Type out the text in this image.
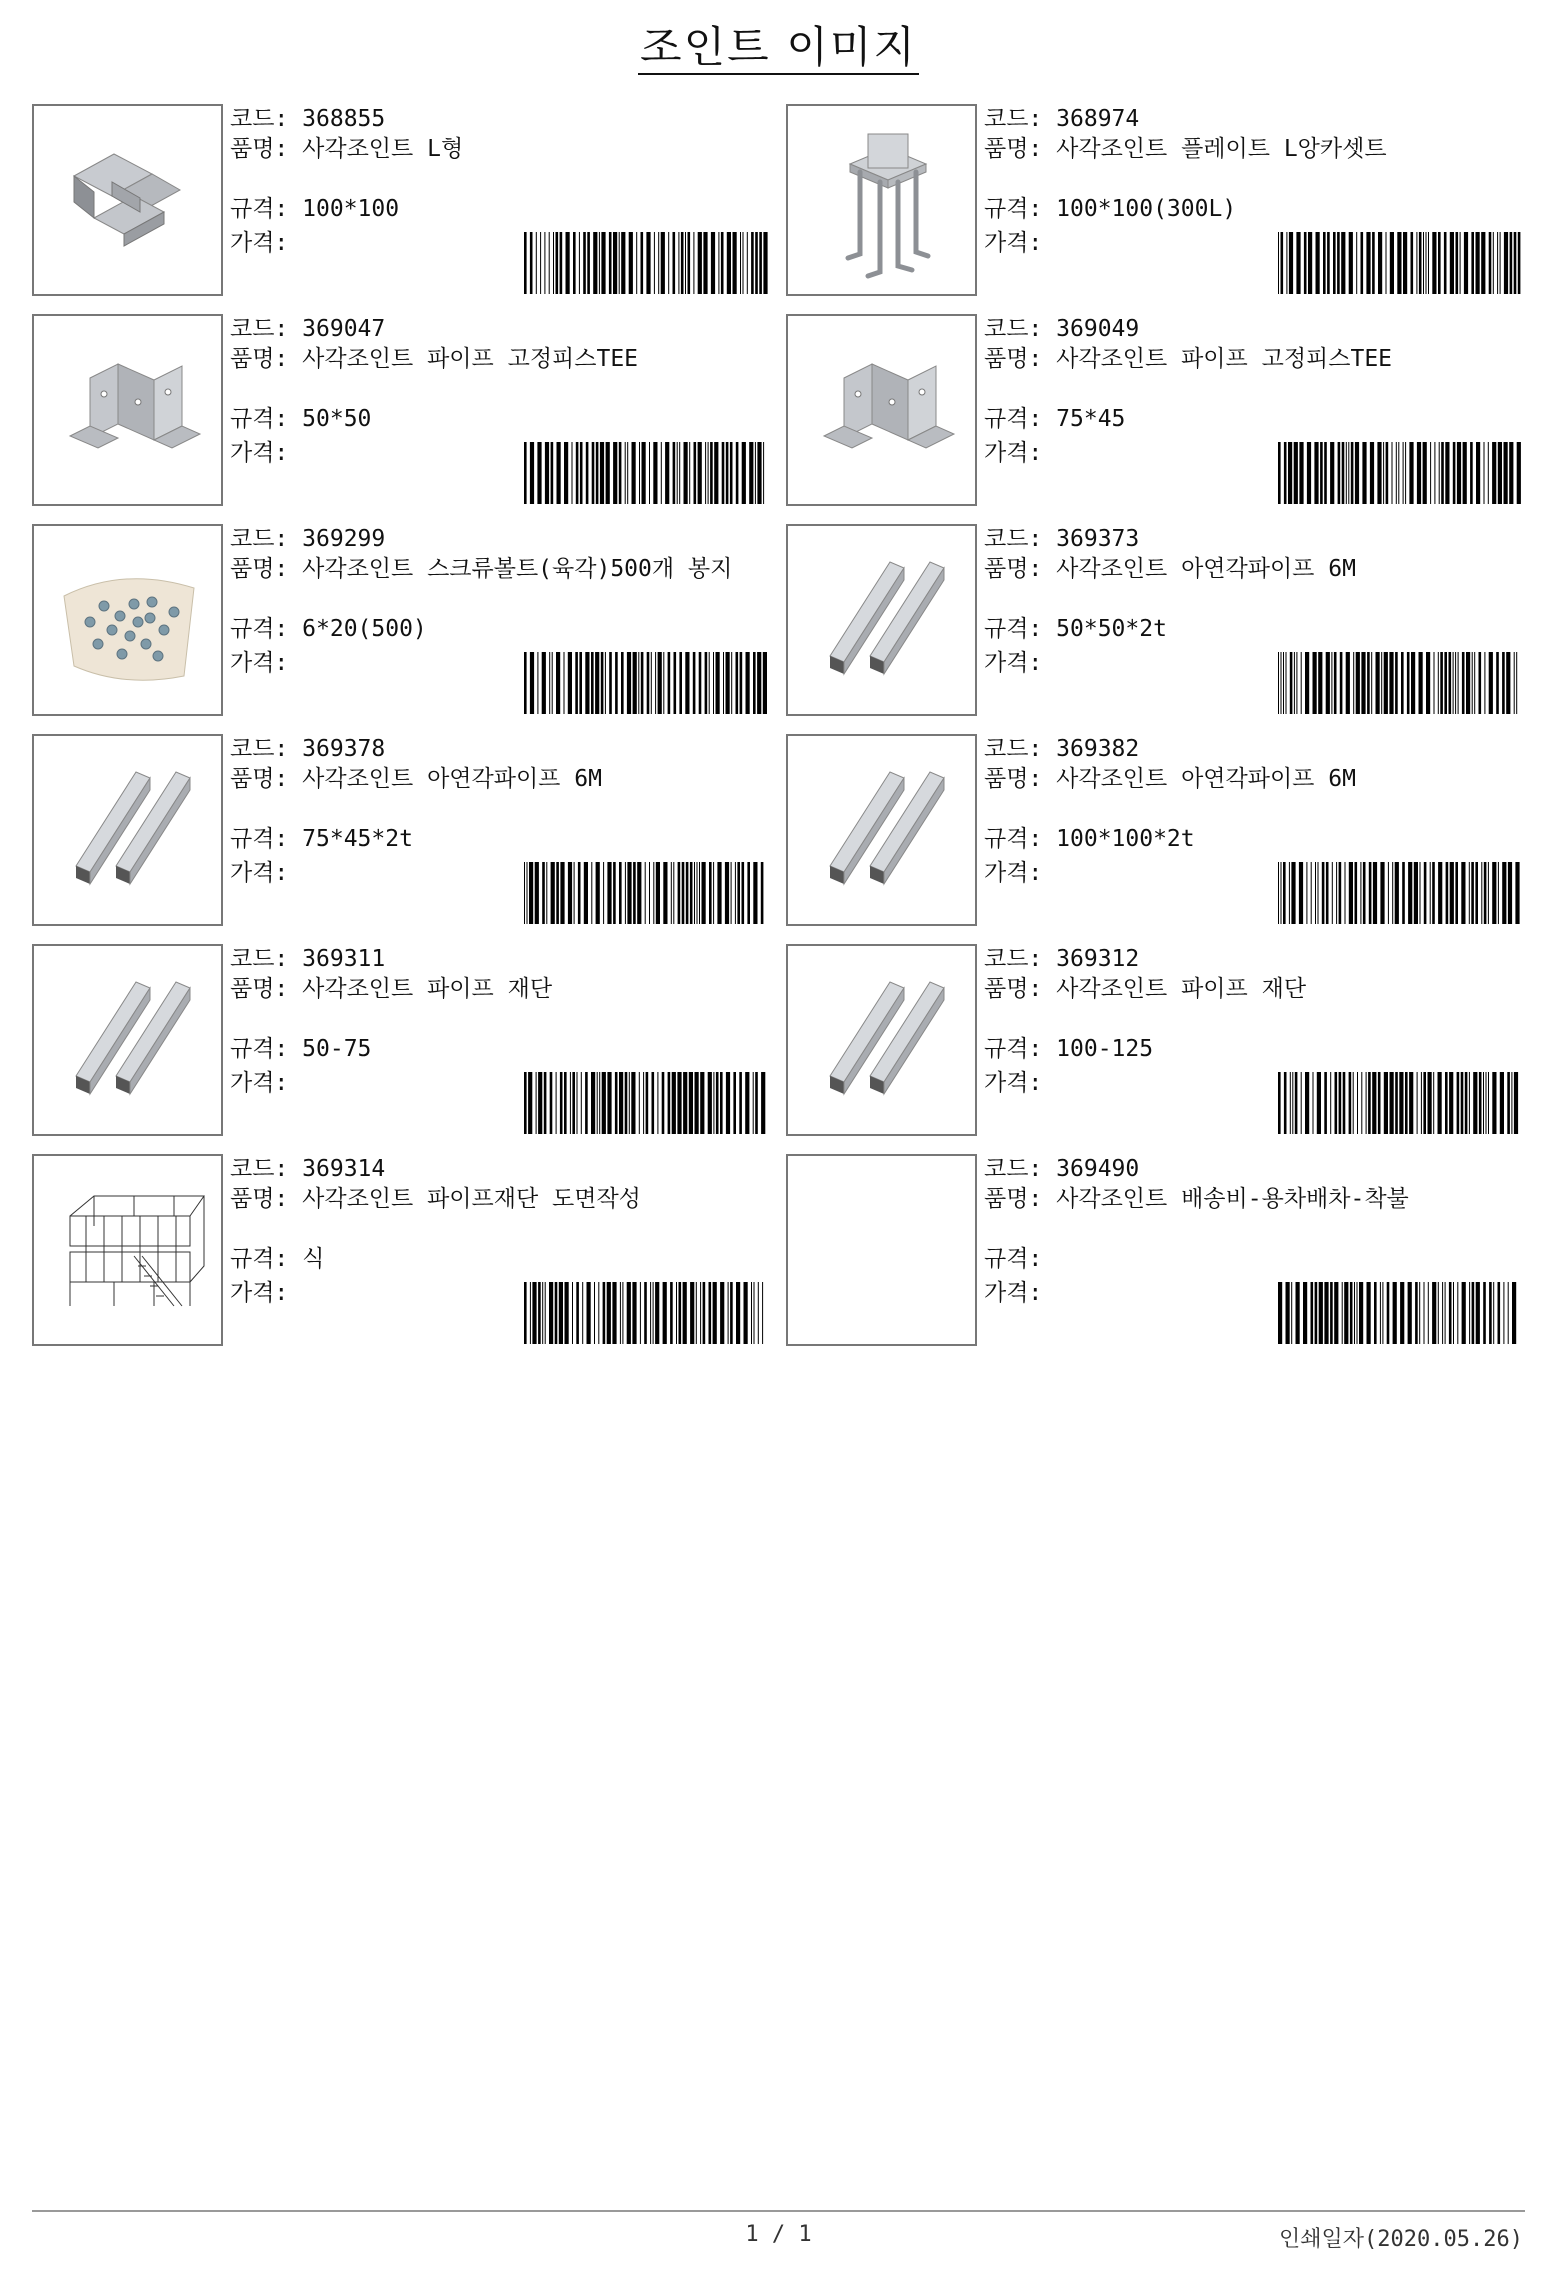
조인트 이미지
코드: 368855
품명: 사각조인트 L형
규격: 100*100
가격:
코드: 368974
품명: 사각조인트 플레이트 L앙카셋트
규격: 100*100(300L)
가격:
코드: 369047
품명: 사각조인트 파이프 고정피스TEE
규격: 50*50
가격:
코드: 369049
품명: 사각조인트 파이프 고정피스TEE
규격: 75*45
가격:
코드: 369299
품명: 사각조인트 스크류볼트(육각)500개 봉지
규격: 6*20(500)
가격:
코드: 369373
품명: 사각조인트 아연각파이프 6M
규격: 50*50*2t
가격:
코드: 369378
품명: 사각조인트 아연각파이프 6M
규격: 75*45*2t
가격:
코드: 369382
품명: 사각조인트 아연각파이프 6M
규격: 100*100*2t
가격:
코드: 369311
품명: 사각조인트 파이프 재단
규격: 50-75
가격:
코드: 369312
품명: 사각조인트 파이프 재단
규격: 100-125
가격:
코드: 369314
품명: 사각조인트 파이프재단 도면작성
규격: 식
가격:
코드: 369490
품명: 사각조인트 배송비-용차배차-착불
규격:
가격:
1 / 1	인쇄일자(2020.05.26)
